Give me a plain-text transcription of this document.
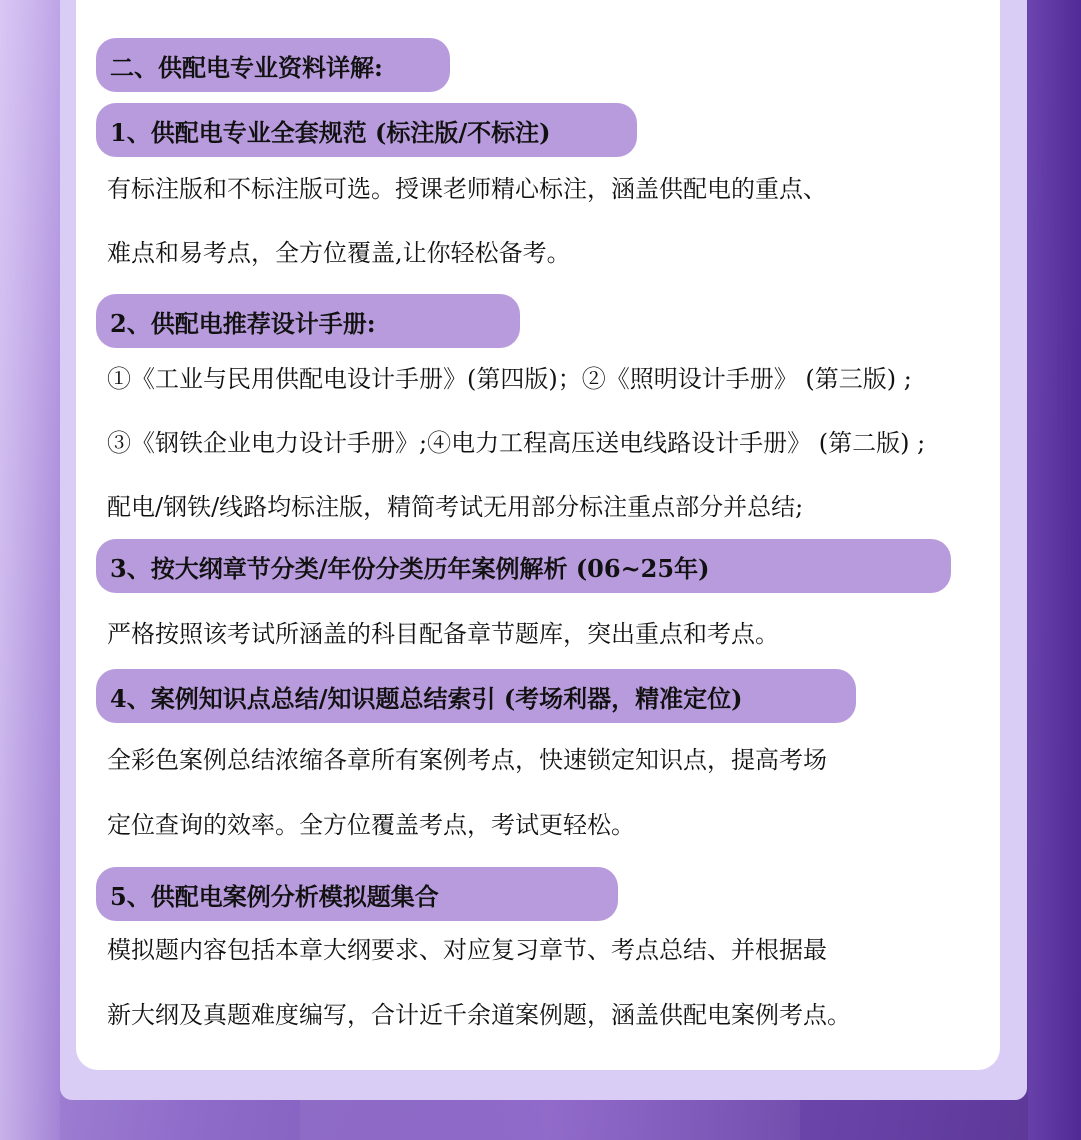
二、供配电专业资料详解:
1、供配电专业全套规范 (标注版/不标注)
有标注版和不标注版可选。授课老师精心标注，涵盖供配电的重点、
难点和易考点，全方位覆盖,让你轻松备考。
2、供配电推荐设计手册:
①《工业与民用供配电设计手册》(第四版)；②《照明设计手册》 (第三版) ;
③《钢铁企业电力设计手册》;④电力工程高压送电线路设计手册》 (第二版) ;
配电/钢铁/线路均标注版，精简考试无用部分标注重点部分并总结;
3、按大纲章节分类/年份分类历年案例解析 (06~25年)
严格按照该考试所涵盖的科目配备章节题库，突出重点和考点。
4、案例知识点总结/知识题总结索引 (考场利器，精准定位)
全彩色案例总结浓缩各章所有案例考点，快速锁定知识点，提高考场
定位查询的效率。全方位覆盖考点，考试更轻松。
5、供配电案例分析模拟题集合
模拟题内容包括本章大纲要求、对应复习章节、考点总结、并根据最
新大纲及真题难度编写，合计近千余道案例题，涵盖供配电案例考点。
